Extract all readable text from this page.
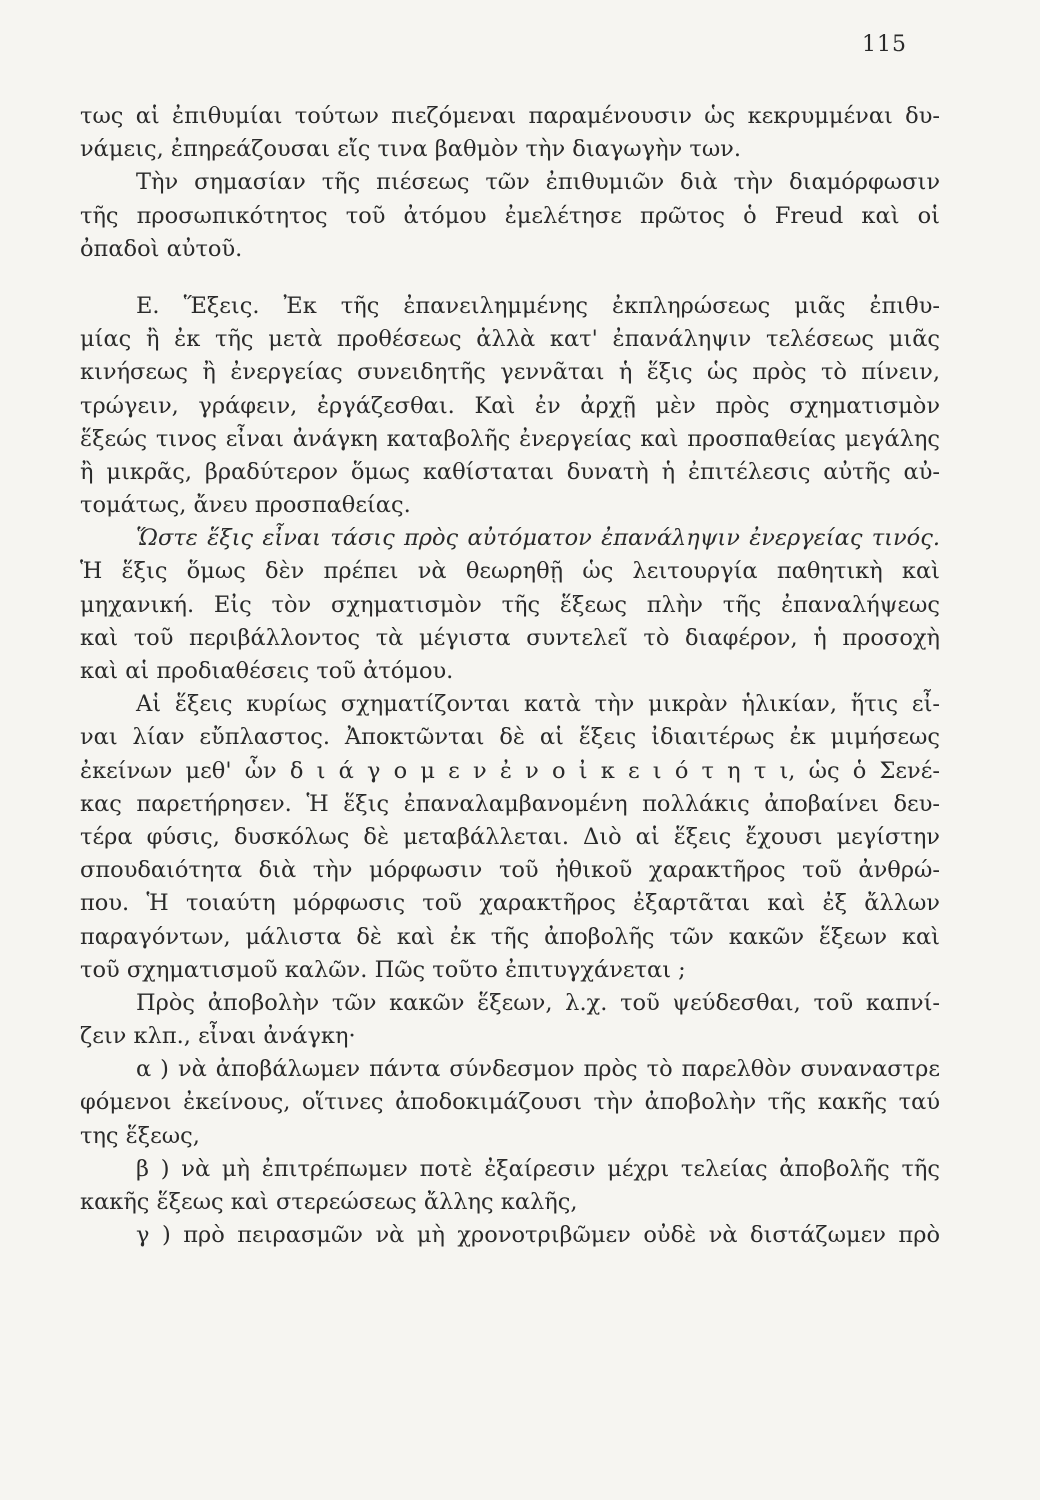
115
τως αἱ ἐπιθυμίαι τούτων πιεζόμεναι παραμένουσιν ὡς κεκρυμμέναι δυ-
νάμεις, ἐπηρεάζουσαι εἴς τινα βαθμὸν τὴν διαγωγὴν των.
Τὴν σημασίαν τῆς πιέσεως τῶν ἐπιθυμιῶν διὰ τὴν διαμόρφωσιν
τῆς προσωπικότητος τοῦ ἀτόμου ἐμελέτησε πρῶτος ὁ Freud καὶ οἱ
ὀπαδοὶ αὐτοῦ.
Ε. Ἕξεις. Ἐκ τῆς ἐπανειλημμένης ἐκπληρώσεως μιᾶς ἐπιθυ-
μίας ἢ ἐκ τῆς μετὰ προθέσεως ἀλλὰ κατ' ἐπανάληψιν τελέσεως μιᾶς
κινήσεως ἢ ἐνεργείας συνειδητῆς γεννᾶται ἡ ἕξις ὡς πρὸς τὸ πίνειν,
τρώγειν, γράφειν, ἐργάζεσθαι. Καὶ ἐν ἀρχῇ μὲν πρὸς σχηματισμὸν
ἕξεώς τινος εἶναι ἀνάγκη καταβολῆς ἐνεργείας καὶ προσπαθείας μεγάλης
ἢ μικρᾶς, βραδύτερον ὅμως καθίσταται δυνατὴ ἡ ἐπιτέλεσις αὐτῆς αὐ-
τομάτως, ἄνευ προσπαθείας.
Ὥστε ἕξις εἶναι τάσις πρὸς αὐτόματον ἐπανάληψιν ἐνεργείας τινός.
Ἡ ἕξις ὅμως δὲν πρέπει νὰ θεωρηθῇ ὡς λειτουργία παθητικὴ καὶ
μηχανική. Εἰς τὸν σχηματισμὸν τῆς ἕξεως πλὴν τῆς ἐπαναλήψεως
καὶ τοῦ περιβάλλοντος τὰ μέγιστα συντελεῖ τὸ διαφέρον, ἡ προσοχὴ
καὶ αἱ προδιαθέσεις τοῦ ἀτόμου.
Αἱ ἕξεις κυρίως σχηματίζονται κατὰ τὴν μικρὰν ἡλικίαν, ἥτις εἶ-
ναι λίαν εὔπλαστος. Ἀποκτῶνται δὲ αἱ ἕξεις ἰδιαιτέρως ἐκ μιμήσεως
ἐκείνων μεθ' ὧν δ ι ά γ ο μ ε ν ἐ ν ο ἰ κ ε ι ό τ η τ ι, ὡς ὁ Σενέ-
κας παρετήρησεν. Ἡ ἕξις ἐπαναλαμβανομένη πολλάκις ἀποβαίνει δευ-
τέρα φύσις, δυσκόλως δὲ μεταβάλλεται. Διὸ αἱ ἕξεις ἔχουσι μεγίστην
σπουδαιότητα διὰ τὴν μόρφωσιν τοῦ ἠθικοῦ χαρακτῆρος τοῦ ἀνθρώ-
που. Ἡ τοιαύτη μόρφωσις τοῦ χαρακτῆρος ἐξαρτᾶται καὶ ἐξ ἄλλων
παραγόντων, μάλιστα δὲ καὶ ἐκ τῆς ἀποβολῆς τῶν κακῶν ἕξεων καὶ
τοῦ σχηματισμοῦ καλῶν. Πῶς τοῦτο ἐπιτυγχάνεται ;
Πρὸς ἀποβολὴν τῶν κακῶν ἕξεων, λ.χ. τοῦ ψεύδεσθαι, τοῦ καπνί-
ζειν κλπ., εἶναι ἀνάγκη·
α ) νὰ ἀποβάλωμεν πάντα σύνδεσμον πρὸς τὸ παρελθὸν συναναστρε
φόμενοι ἐκείνους, οἵτινες ἀποδοκιμάζουσι τὴν ἀποβολὴν τῆς κακῆς ταύ
της ἕξεως,
β ) νὰ μὴ ἐπιτρέπωμεν ποτὲ ἐξαίρεσιν μέχρι τελείας ἀποβολῆς τῆς
κακῆς ἕξεως καὶ στερεώσεως ἄλλης καλῆς,
γ ) πρὸ πειρασμῶν νὰ μὴ χρονοτριβῶμεν οὐδὲ νὰ διστάζωμεν πρὸ
